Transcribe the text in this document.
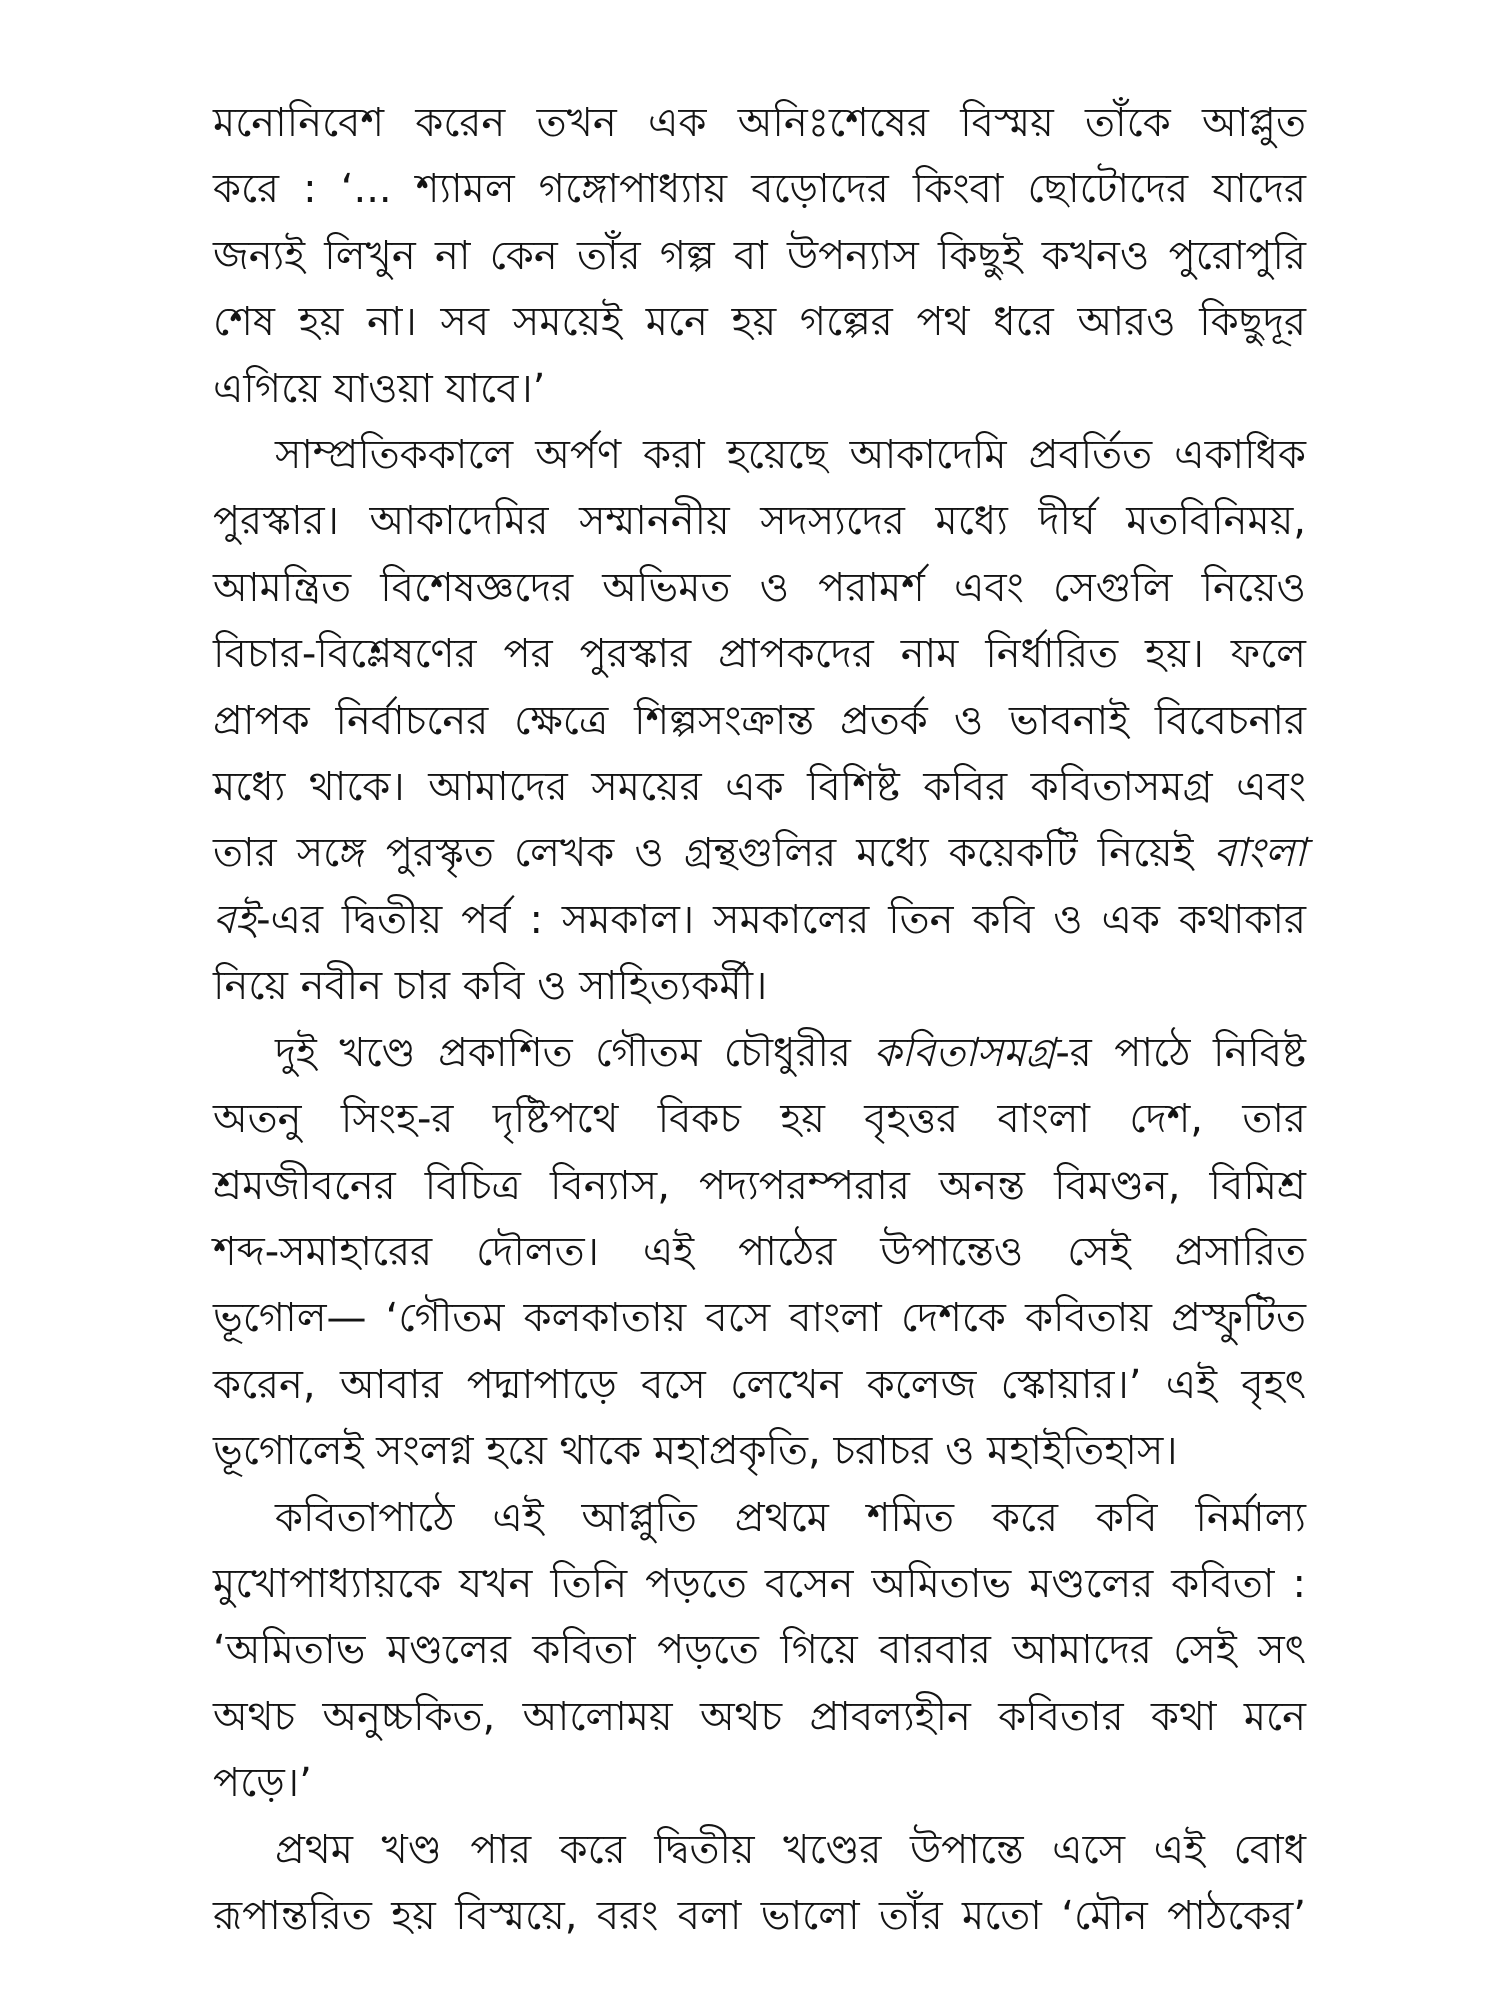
মনোনিবেশ করেন তখন এক অনিঃশেষের বিস্ময় তাঁকে আপ্লুত
করে : ‘... শ্যামল গঙ্গোপাধ্যায় বড়োদের কিংবা ছোটোদের যাদের
জন্যই লিখুন না কেন তাঁর গল্প বা উপন্যাস কিছুই কখনও পুরোপুরি
শেষ হয় না। সব সময়েই মনে হয় গল্পের পথ ধরে আরও কিছুদূর
এগিয়ে যাওয়া যাবে।’
সাম্প্রতিককালে অর্পণ করা হয়েছে আকাদেমি প্রবর্তিত একাধিক
পুরস্কার। আকাদেমির সম্মাননীয় সদস্যদের মধ্যে দীর্ঘ মতবিনিময়,
আমন্ত্রিত বিশেষজ্ঞদের অভিমত ও পরামর্শ এবং সেগুলি নিয়েও
বিচার-বিশ্লেষণের পর পুরস্কার প্রাপকদের নাম নির্ধারিত হয়। ফলে
প্রাপক নির্বাচনের ক্ষেত্রে শিল্পসংক্রান্ত প্রতর্ক ও ভাবনাই বিবেচনার
মধ্যে থাকে। আমাদের সময়ের এক বিশিষ্ট কবির কবিতাসমগ্র এবং
তার সঙ্গে পুরস্কৃত লেখক ও গ্রন্থগুলির মধ্যে কয়েকটি নিয়েই বাংলা
বই-এর দ্বিতীয় পর্ব : সমকাল। সমকালের তিন কবি ও এক কথাকার
নিয়ে নবীন চার কবি ও সাহিত্যকর্মী।
দুই খণ্ডে প্রকাশিত গৌতম চৌধুরীর কবিতাসমগ্র-র পাঠে নিবিষ্ট
অতনু সিংহ-র দৃষ্টিপথে বিকচ হয় বৃহত্তর বাংলা দেশ, তার
শ্রমজীবনের বিচিত্র বিন্যাস, পদ্যপরম্পরার অনন্ত বিমণ্ডন, বিমিশ্র
শব্দ-সমাহারের দৌলত। এই পাঠের উপান্তেও সেই প্রসারিত
ভূগোল— ‘গৌতম কলকাতায় বসে বাংলা দেশকে কবিতায় প্রস্ফুটিত
করেন, আবার পদ্মাপাড়ে বসে লেখেন কলেজ স্কোয়ার।’ এই বৃহৎ
ভূগোলেই সংলগ্ন হয়ে থাকে মহাপ্রকৃতি, চরাচর ও মহাইতিহাস।
কবিতাপাঠে এই আপ্লুতি প্রথমে শমিত করে কবি নির্মাল্য
মুখোপাধ্যায়কে যখন তিনি পড়তে বসেন অমিতাভ মণ্ডলের কবিতা :
‘অমিতাভ মণ্ডলের কবিতা পড়তে গিয়ে বারবার আমাদের সেই সৎ
অথচ অনুচ্চকিত, আলোময় অথচ প্রাবল্যহীন কবিতার কথা মনে
পড়ে।’
প্রথম খণ্ড পার করে দ্বিতীয় খণ্ডের উপান্তে এসে এই বোধ
রূপান্তরিত হয় বিস্ময়ে, বরং বলা ভালো তাঁর মতো ‘মৌন পাঠকের’
